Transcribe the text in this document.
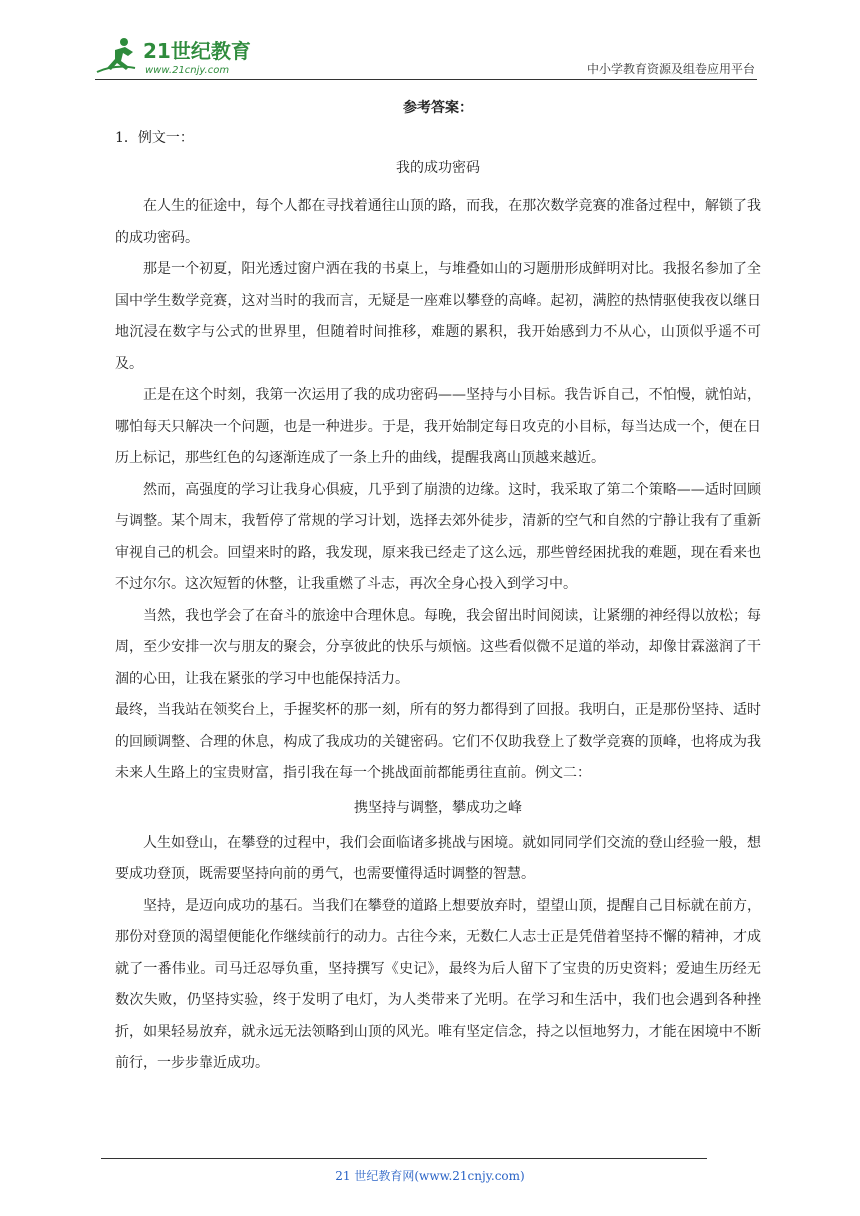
21世纪教育
www.21cnjy.com	中小学教育资源及组卷应用平台
参考答案：
1．例文一：
我的成功密码

在人生的征途中，每个人都在寻找着通往山顶的路，而我，在那次数学竞赛的准备过程中，解锁了我的成功密码。

那是一个初夏，阳光透过窗户洒在我的书桌上，与堆叠如山的习题册形成鲜明对比。我报名参加了全国中学生数学竞赛，这对当时的我而言，无疑是一座难以攀登的高峰。起初，满腔的热情驱使我夜以继日地沉浸在数字与公式的世界里，但随着时间推移，难题的累积，我开始感到力不从心，山顶似乎遥不可及。

正是在这个时刻，我第一次运用了我的成功密码——坚持与小目标。我告诉自己，不怕慢，就怕站，哪怕每天只解决一个问题，也是一种进步。于是，我开始制定每日攻克的小目标，每当达成一个，便在日历上标记，那些红色的勾逐渐连成了一条上升的曲线，提醒我离山顶越来越近。

然而，高强度的学习让我身心俱疲，几乎到了崩溃的边缘。这时，我采取了第二个策略——适时回顾与调整。某个周末，我暂停了常规的学习计划，选择去郊外徒步，清新的空气和自然的宁静让我有了重新审视自己的机会。回望来时的路，我发现，原来我已经走了这么远，那些曾经困扰我的难题，现在看来也不过尔尔。这次短暂的休整，让我重燃了斗志，再次全身心投入到学习中。

当然，我也学会了在奋斗的旅途中合理休息。每晚，我会留出时间阅读，让紧绷的神经得以放松；每周，至少安排一次与朋友的聚会，分享彼此的快乐与烦恼。这些看似微不足道的举动，却像甘霖滋润了干涸的心田，让我在紧张的学习中也能保持活力。

最终，当我站在领奖台上，手握奖杯的那一刻，所有的努力都得到了回报。我明白，正是那份坚持、适时的回顾调整、合理的休息，构成了我成功的关键密码。它们不仅助我登上了数学竞赛的顶峰，也将成为我未来人生路上的宝贵财富，指引我在每一个挑战面前都能勇往直前。例文二：

携坚持与调整，攀成功之峰

人生如登山，在攀登的过程中，我们会面临诸多挑战与困境。就如同同学们交流的登山经验一般，想要成功登顶，既需要坚持向前的勇气，也需要懂得适时调整的智慧。

坚持，是迈向成功的基石。当我们在攀登的道路上想要放弃时，望望山顶，提醒自己目标就在前方，那份对登顶的渴望便能化作继续前行的动力。古往今来，无数仁人志士正是凭借着坚持不懈的精神，才成就了一番伟业。司马迁忍辱负重，坚持撰写《史记》，最终为后人留下了宝贵的历史资料；爱迪生历经无数次失败，仍坚持实验，终于发明了电灯，为人类带来了光明。在学习和生活中，我们也会遇到各种挫折，如果轻易放弃，就永远无法领略到山顶的风光。唯有坚定信念，持之以恒地努力，才能在困境中不断前行，一步步靠近成功。

21 世纪教育网(www.21cnjy.com)
